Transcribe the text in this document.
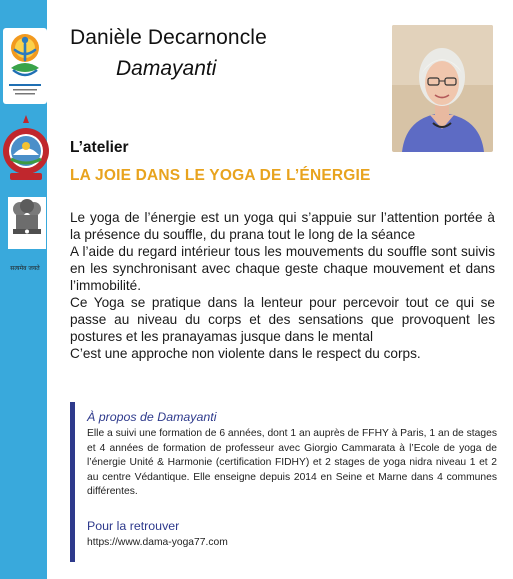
सत्यमेव जयते
Danièle Decarnoncle
Damayanti
L’atelier
LA JOIE DANS LE YOGA DE L’ÉNERGIE

Le yoga de l’énergie est un yoga qui s’appuie sur l’attention portée à la présence du souffle, du prana tout le long de la séance

A l’aide du regard intérieur tous les mouvements du souffle sont suivis en les synchronisant avec chaque geste chaque mouvement et dans l’immobilité.

Ce Yoga se pratique dans la lenteur pour percevoir tout ce qui se passe au niveau du corps et des sensations que provoquent les postures et les pranayamas jusque dans le mental

C’est une approche non violente dans le respect du corps.

À propos de Damayanti
Elle a suivi une formation de 6 années, dont 1 an auprès de FFHY à Paris, 1 an de stages et 4 années de formation de professeur avec Giorgio Cammarata à l’Ecole de yoga de l’énergie Unité & Harmonie (certification FIDHY) et 2 stages de yoga nidra niveau 1 et 2 au centre Védantique. Elle enseigne depuis 2014 en Seine et Marne dans 4 communes différentes.
Pour la retrouver
https://www.dama-yoga77.com
